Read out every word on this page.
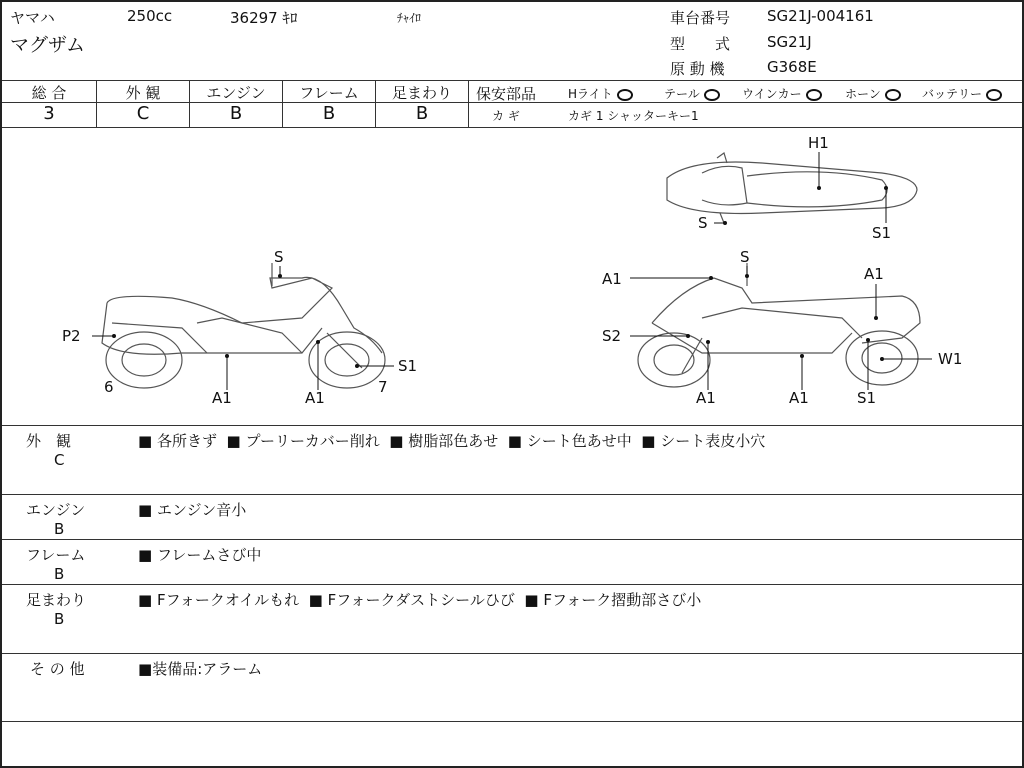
ヤマハ	250cc	36297 ｷﾛ	ﾁｬｲﾛ
マグザム
車台番号 SG21J-004161
型　　式 SG21J
原 動 機	G368E
総 合	外 観	エンジン	フレーム	足まわり
3	C	B	B	B
保安部品	Hライト	テール	ウインカー	ホーン	バッテリー
カ ギ	カギ 1 シャッターキー1
S
P2
S1
A1	A1
6	7
H1
S
S1
S
A1	A1
S2
W1
A1	A1	S1
外　観
C
■ 各所きず  ■ プーリーカバー削れ  ■ 樹脂部色あせ  ■ シート色あせ中  ■ シート表皮小穴
エンジン
B
■ エンジン音小
フレーム
B
■ フレームさび中
足まわり
B
■ Fフォークオイルもれ  ■ Fフォークダストシールひび  ■ Fフォーク摺動部さび小
そ の 他	■装備品:アラーム
